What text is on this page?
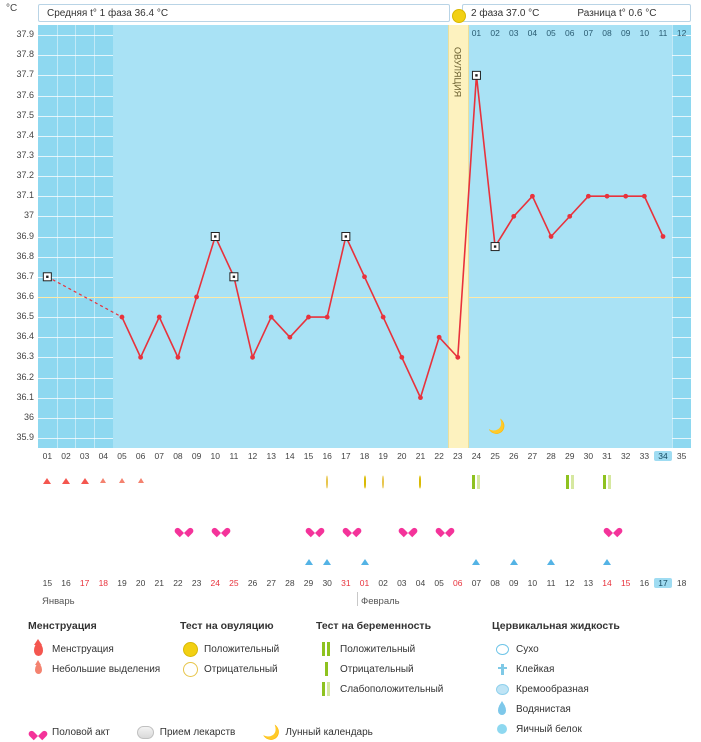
Средняя t° 1 фаза 36.4 °C	2 фаза 37.0 °C	Разница t° 0.6 °C
°C
ОВУЛЯЦИЯ
🌙
15	16	17	18	19	20	21	22	23	24	25	26	27	28	29	30	31	01	02	03	04	05	06	07	08	09	10	11	12	13	14	15	16	17	18
Январь	Февраль
Менструация
Менструация
Небольшие выделения
Тест на овуляцию
Положительный
Отрицательный
Тест на беременность
Положительный
Отрицательный
Слабоположительный
Цервикальная жидкость
Сухо
Клейкая
Кремообразная
Водянистая
Яичный белок
Половой акт	Прием лекарств 🌙 Лунный календарь
37.9
37.8
37.7
37.6
37.5
37.4
37.3
37.2
37.1
37
36.9
36.8
36.7
36.6
36.5
36.4
36.3
36.2
36.1
36
35.9
01	02	03	04	05	06	07	08	09	10	11	12
01	02	03	04	05	06	07	08	09	10	11	12	13	14	15	16	17	18	19	20	21	22	23	24	25	26	27	28	29	30	31	32	33	34	35
